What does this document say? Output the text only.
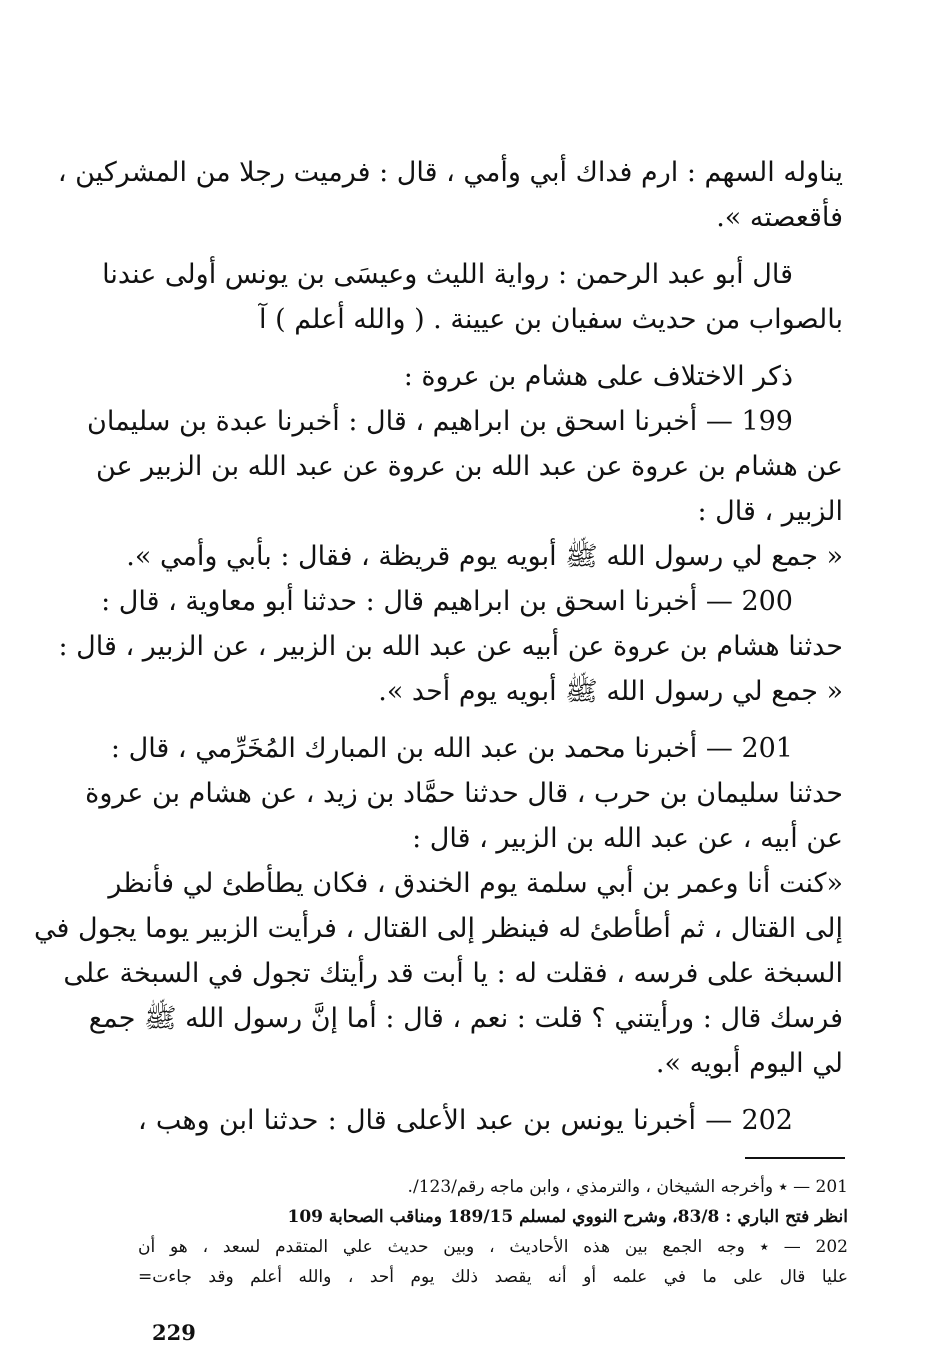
يناوله السهم : ارم فداك أبي وأمي ، قال : فرميت رجلا من المشركين ،
فأقعصته ».
قال أبو عبد الرحمن : رواية الليث وعيسَى بن يونس أولى عندنا
بالصواب من حديث سفيان بن عيينة . ( والله أعلم ) آ
ذكر الاختلاف على هشام بن عروة :
199 — أخبرنا اسحق بن ابراهيم ، قال : أخبرنا عبدة بن سليمان
عن هشام بن عروة عن عبد الله بن عروة عن عبد الله بن الزبير عن
الزبير ، قال :
« جمع لي رسول الله ﷺ أبويه يوم قريظة ، فقال : بأبي وأمي ».
200 — أخبرنا اسحق بن ابراهيم قال : حدثنا أبو معاوية ، قال :
حدثنا هشام بن عروة عن أبيه عن عبد الله بن الزبير ، عن الزبير ، قال :
« جمع لي رسول الله ﷺ أبويه يوم أحد ».
201 — أخبرنا محمد بن عبد الله بن المبارك المُخَرِّمي ، قال :
حدثنا سليمان بن حرب ، قال حدثنا حمَّاد بن زيد ، عن هشام بن عروة
عن أبيه ، عن عبد الله بن الزبير ، قال :
«كنت أنا وعمر بن أبي سلمة يوم الخندق ، فكان يطأطئ لي فأنظر
إلى القتال ، ثم أطأطئ له فينظر إلى القتال ، فرأيت الزبير يوما يجول في
السبخة على فرسه ، فقلت له : يا أبت قد رأيتك تجول في السبخة على
فرسك قال : ورأيتني ؟ قلت : نعم ، قال : أما إنَّ رسول الله ﷺ جمع
لي اليوم أبويه ».
202 — أخبرنا يونس بن عبد الأعلى قال : حدثنا ابن وهب ،
201 — ٭ وأخرجه الشيخان ، والترمذي ، وابن ماجه رقم/123/.
انظر فتح الباري : 83/8، وشرح النووي لمسلم 189/15 ومناقب الصحابة 109
202 — ٭ وجه الجمع بين هذه الأحاديث ، وبين حديث علي المتقدم لسعد ، هو أن
عليا قال على ما في علمه أو أنه يقصد ذلك يوم أحد ، والله أعلم وقد جاءت=
229
